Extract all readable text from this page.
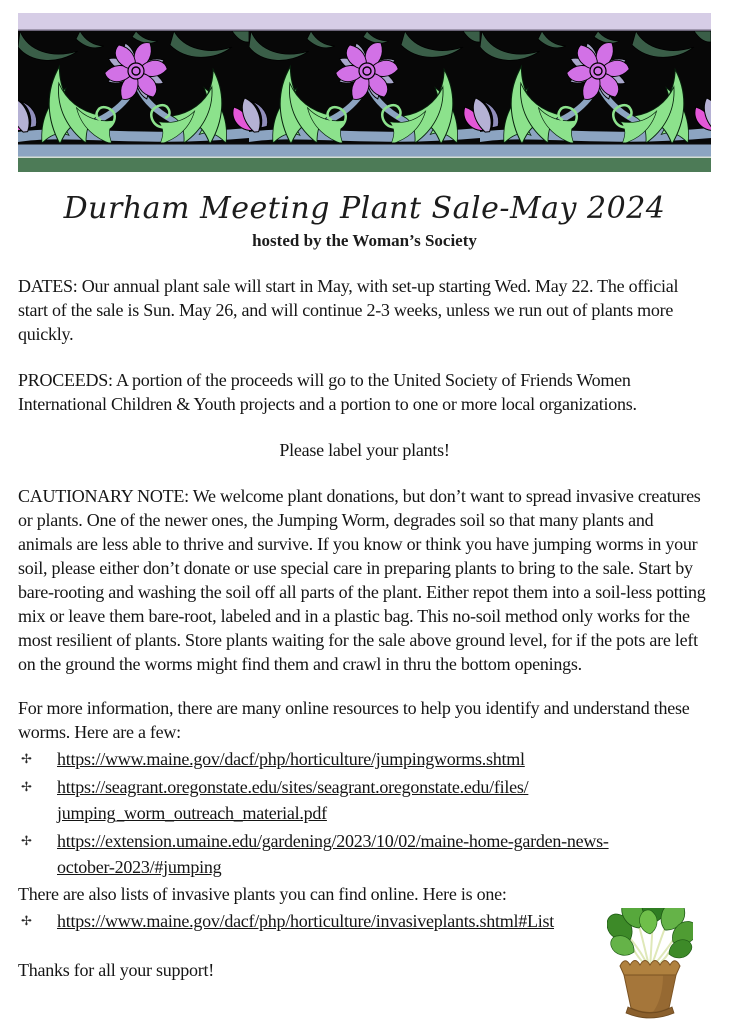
Durham Meeting Plant Sale-May 2024
hosted by the Woman’s Society

DATES: Our annual plant sale will start in May, with set-up starting Wed. May 22. The official start of the sale is Sun. May 26, and will continue 2-3 weeks, unless we run out of plants more quickly.

PROCEEDS: A portion of the proceeds will go to the United Society of Friends Women International Children & Youth projects and a portion to one or more local organizations.

Please label your plants!

CAUTIONARY NOTE: We welcome plant donations, but don’t want to spread invasive creatures or plants. One of the newer ones, the Jumping Worm, degrades soil so that many plants and animals are less able to thrive and survive. If you know or think you have jumping worms in your soil, please either don’t donate or use special care in preparing plants to bring to the sale. Start by bare-rooting and washing the soil off all parts of the plant. Either repot them into a soil-less potting mix or leave them bare-root, labeled and in a plastic bag. This no-soil method only works for the most resilient of plants. Store plants waiting for the sale above ground level, for if the pots are left on the ground the worms might find them and crawl in thru the bottom openings.

For more information, there are many online resources to help you identify and understand these worms. Here are a few:

✢ https://www.maine.gov/dacf/php/horticulture/jumpingworms.shtml
✢ https://seagrant.oregonstate.edu/sites/seagrant.oregonstate.edu/files/
jumping_worm_outreach_material.pdf
✢ https://extension.umaine.edu/gardening/2023/10/02/maine-home-garden-news-
october-2023/#jumping

There are also lists of invasive plants you can find online. Here is one:

✢ https://www.maine.gov/dacf/php/horticulture/invasiveplants.shtml#List

Thanks for all your support!
